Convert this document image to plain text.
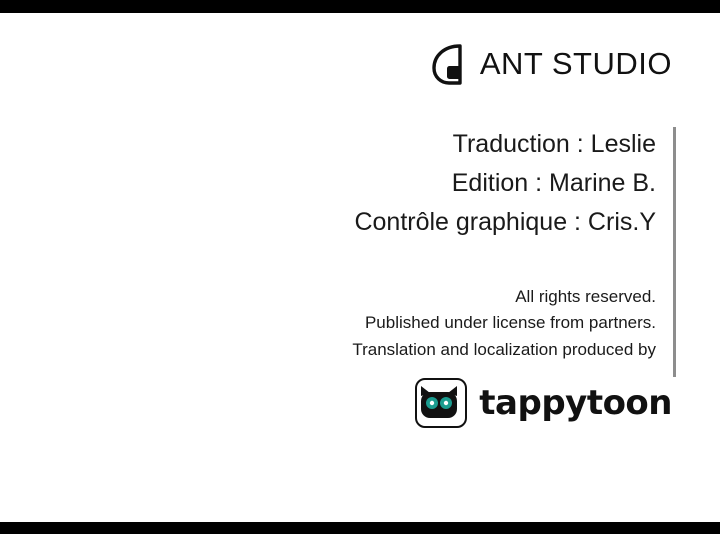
ANT STUDIO
Traduction : Leslie
Edition : Marine B.
Contrôle graphique : Cris.Y
All rights reserved.
Published under license from partners.
Translation and localization produced by
tappytoon
